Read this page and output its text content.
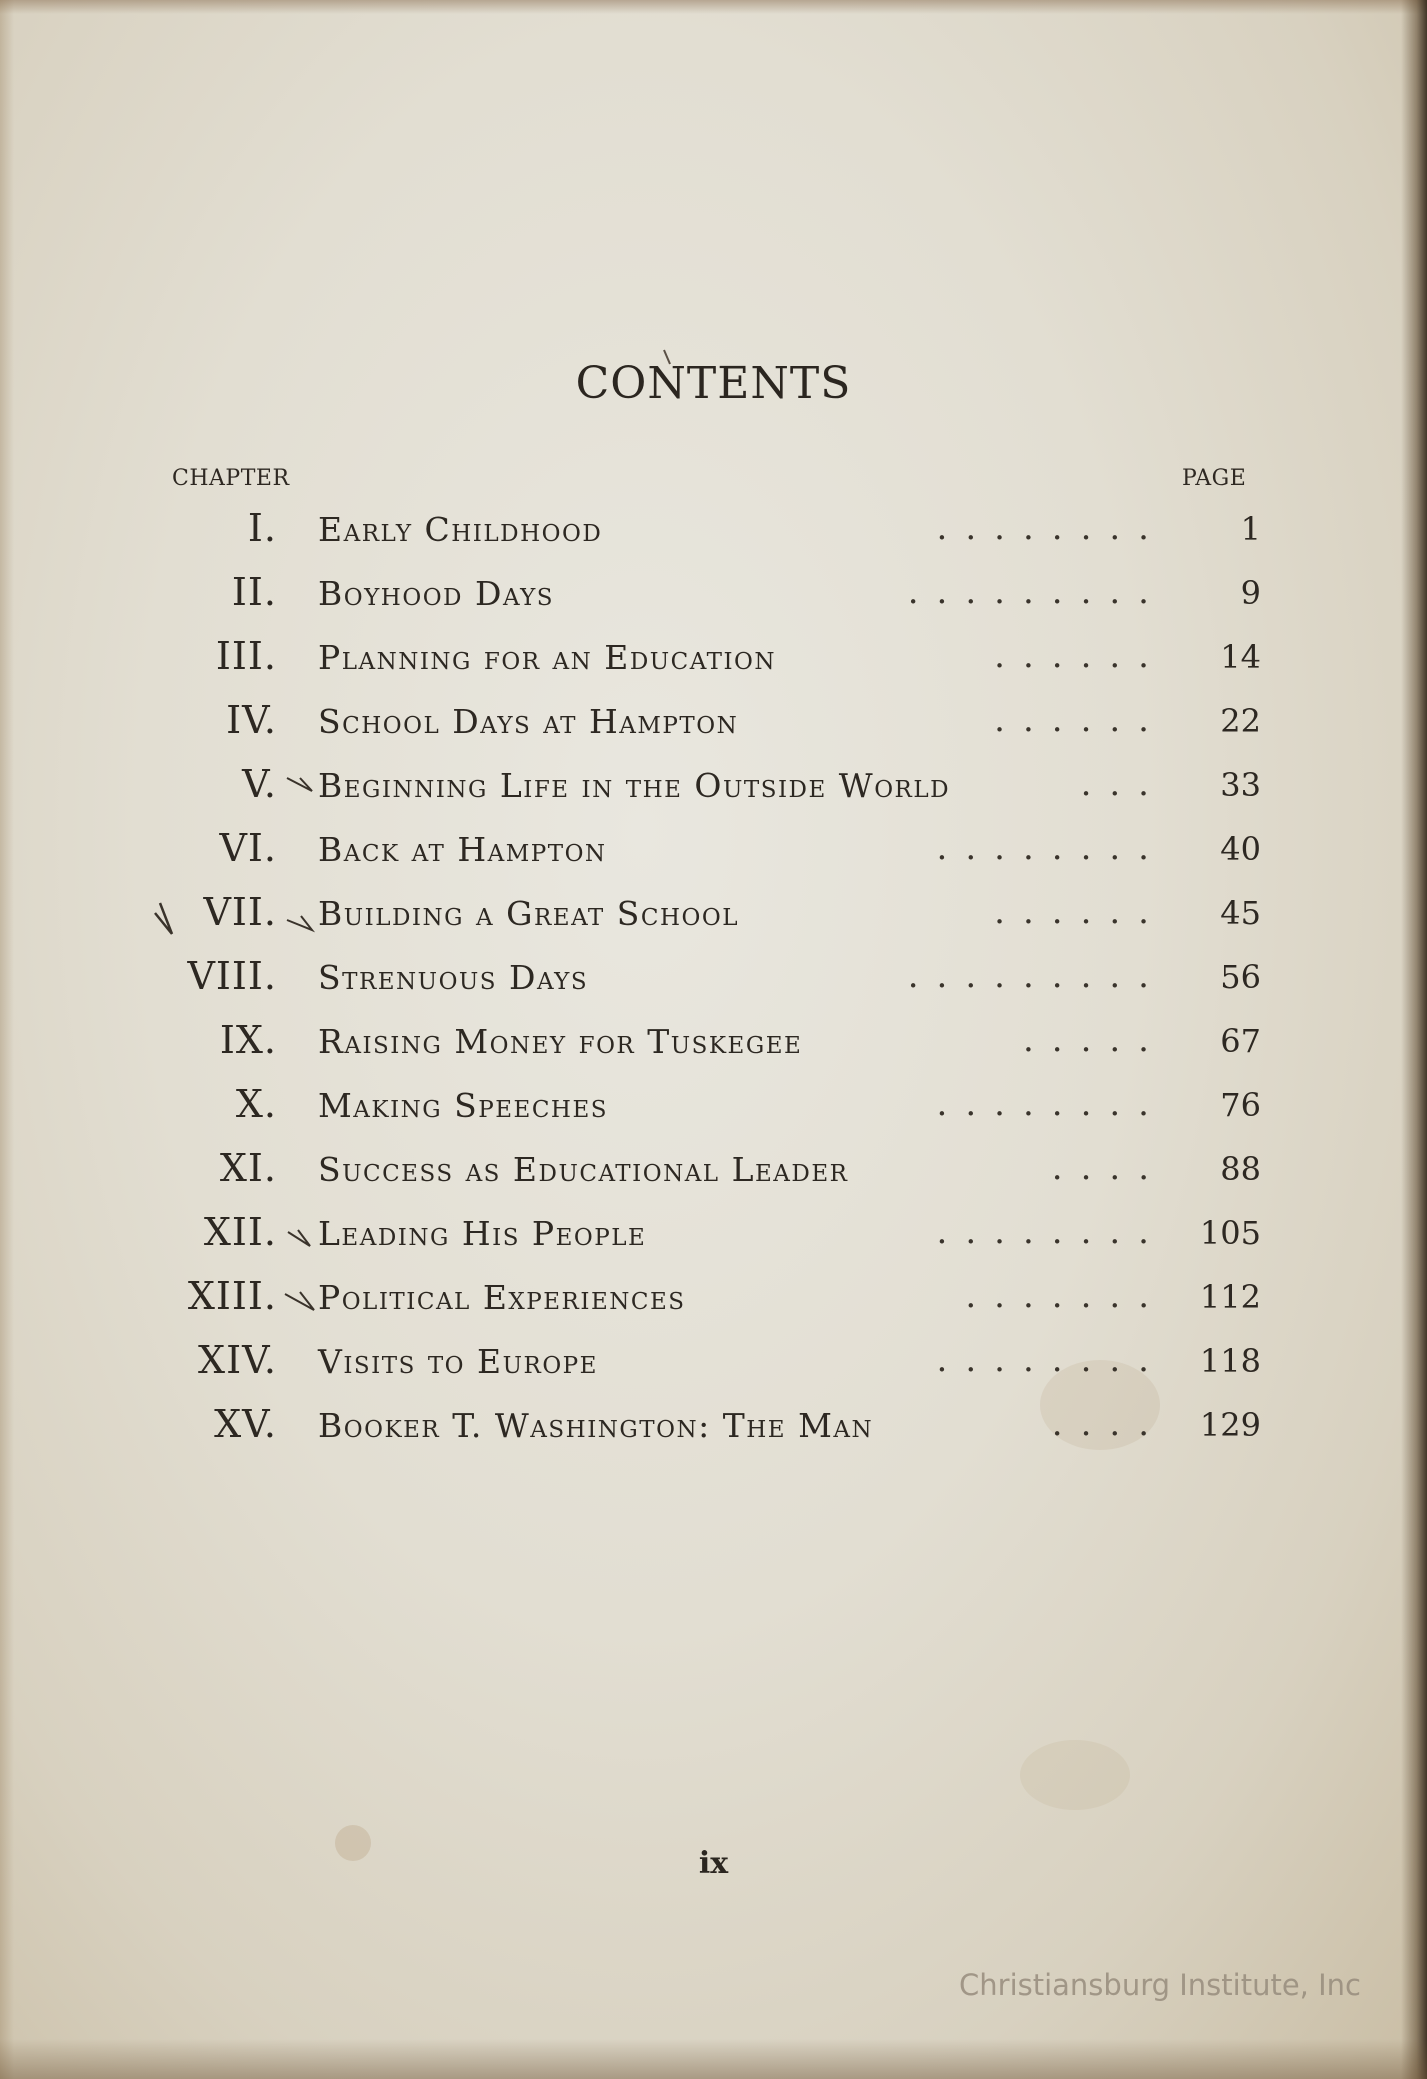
CONTENTS
CHAPTER	PAGE
I. Early Childhood	........ 1
II. Boyhood Days	......... 9
III. Planning for an Education	...... 14
IV. School Days at Hampton	...... 22
V. Beginning Life in the Outside World	... 33
VI. Back at Hampton	........ 40
VII. Building a Great School	...... 45
VIII. Strenuous Days	......... 56
IX. Raising Money for Tuskegee	..... 67
X. Making Speeches	........ 76
XI. Success as Educational Leader	.... 88
XII. Leading His People	........ 105
XIII. Political Experiences	....... 112
XIV. Visits to Europe	........ 118
XV. Booker T. Washington: The Man	.... 129
ix
Christiansburg Institute, Inc
